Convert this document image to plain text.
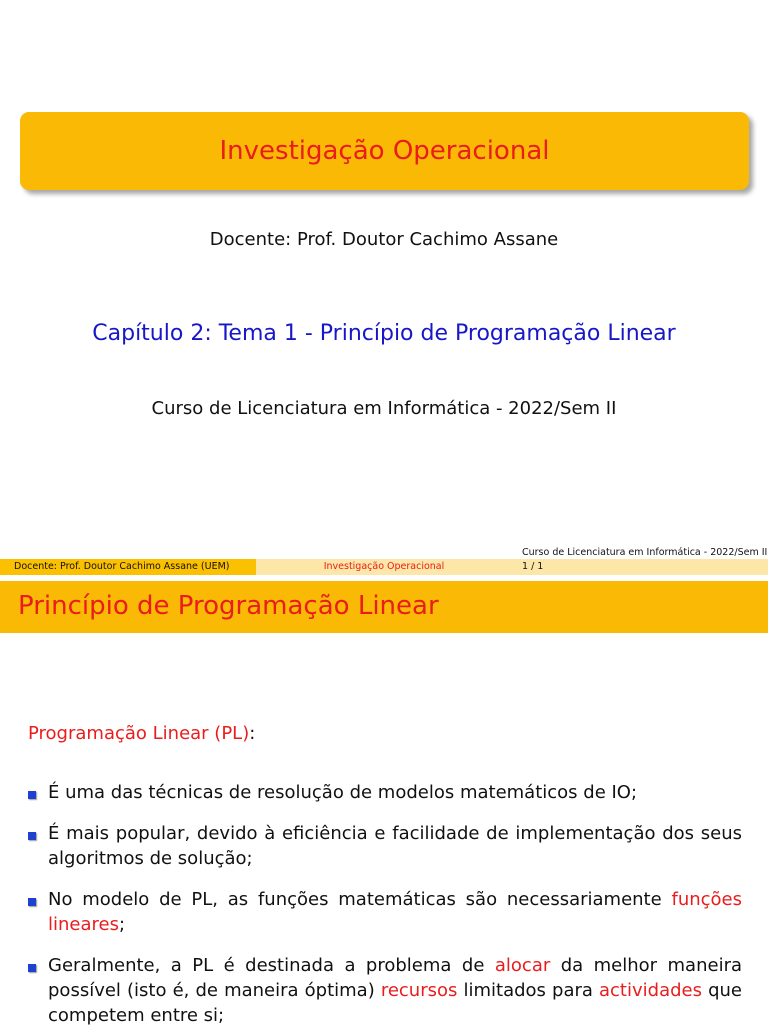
Investigação Operacional
Docente: Prof. Doutor Cachimo Assane
Capítulo 2: Tema 1 - Princípio de Programação Linear
Curso de Licenciatura em Informática - 2022/Sem II
Curso de Licenciatura em Informática - 2022/Sem II
Docente: Prof. Doutor Cachimo Assane (UEM)	Investigação Operacional	1 / 1
Princípio de Programação Linear
Programação Linear (PL):
É uma das técnicas de resolução de modelos matemáticos de IO;
É mais popular, devido à eficiência e facilidade de implementação dos seus algoritmos de solução;
No modelo de PL, as funções matemáticas são necessariamente funções lineares;
Geralmente, a PL é destinada a problema de alocar da melhor maneira possível (isto é, de maneira óptima) recursos limitados para actividades que competem entre si;
